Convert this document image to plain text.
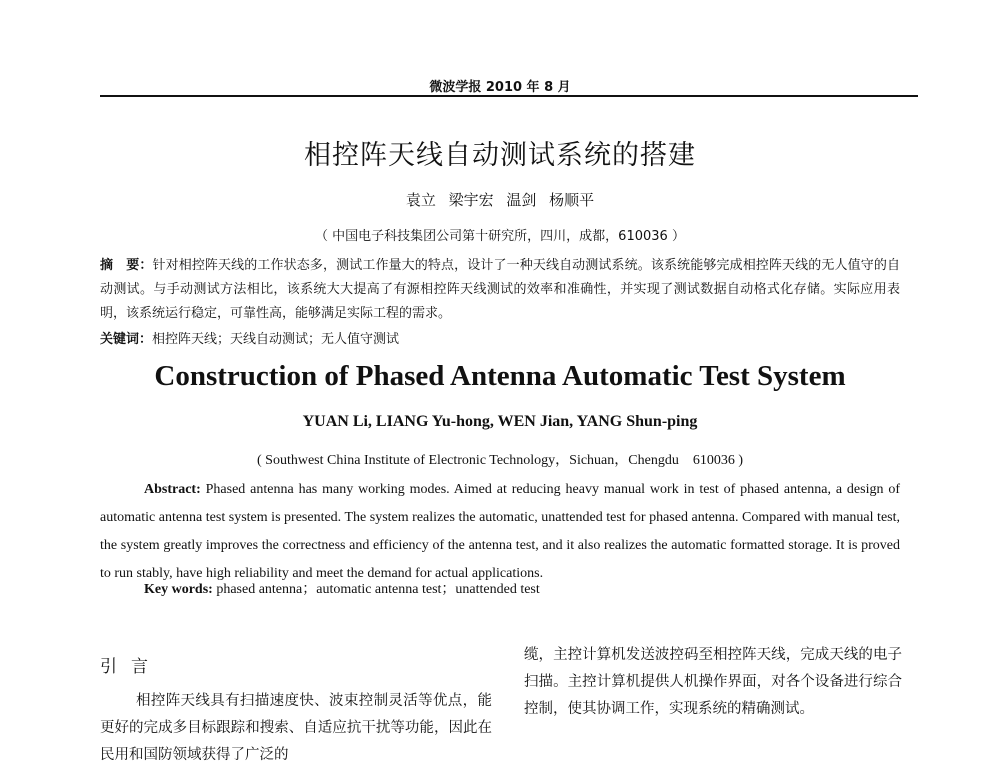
微波学报 2010 年 8 月
相控阵天线自动测试系统的搭建
袁立 梁宇宏 温剑 杨顺平
（ 中国电子科技集团公司第十研究所，四川，成都，610036 ）
摘　要：针对相控阵天线的工作状态多，测试工作量大的特点，设计了一种天线自动测试系统。该系统能够完成相控阵天线的无人值守的自动测试。与手动测试方法相比，该系统大大提高了有源相控阵天线测试的效率和准确性，并实现了测试数据自动格式化存储。实际应用表明，该系统运行稳定，可靠性高，能够满足实际工程的需求。
关键词：相控阵天线；天线自动测试；无人值守测试
Construction of Phased Antenna Automatic Test System
YUAN Li, LIANG Yu-hong, WEN Jian, YANG Shun-ping
( Southwest China Institute of Electronic Technology，Sichuan，Chengdu　610036 )
Abstract: Phased antenna has many working modes. Aimed at reducing heavy manual work in test of phased antenna, a design of automatic antenna test system is presented. The system realizes the automatic, unattended test for phased antenna. Compared with manual test, the system greatly improves the correctness and efficiency of the antenna test, and it also realizes the automatic formatted storage. It is proved to run stably, have high reliability and meet the demand for actual applications.
Key words: phased antenna；automatic antenna test；unattended test
引言
相控阵天线具有扫描速度快、波束控制灵活等优点，能更好的完成多目标跟踪和搜索、自适应抗干扰等功能，因此在民用和国防领域获得了广泛的
缆，主控计算机发送波控码至相控阵天线，完成天线的电子扫描。主控计算机提供人机操作界面，对各个设备进行综合控制，使其协调工作，实现系统的精确测试。
